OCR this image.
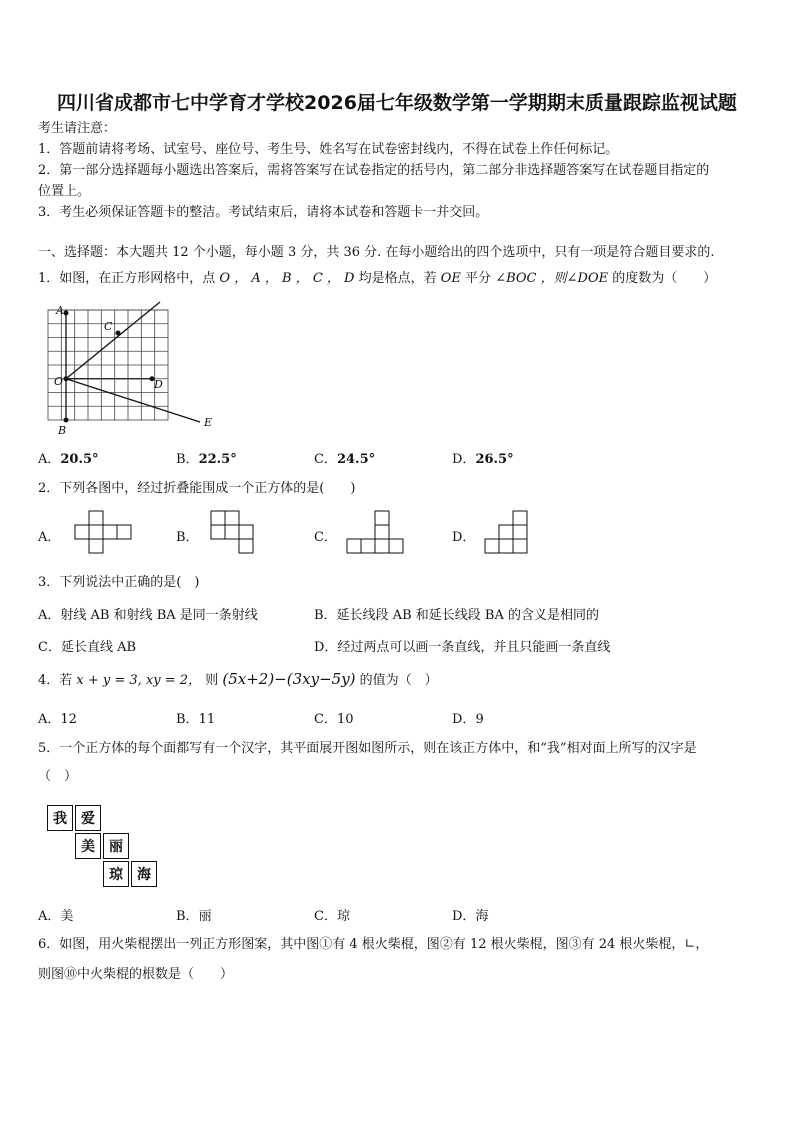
四川省成都市七中学育才学校2026届七年级数学第一学期期末质量跟踪监视试题
考生请注意：
1．答题前请将考场、试室号、座位号、考生号、姓名写在试卷密封线内，不得在试卷上作任何标记。
2．第一部分选择题每小题选出答案后，需将答案写在试卷指定的括号内，第二部分非选择题答案写在试卷题目指定的
位置上。
3．考生必须保证答题卡的整洁。考试结束后，请将本试卷和答题卡一并交回。
一、选择题：本大题共 12 个小题，每小题 3 分，共 36 分. 在每小题给出的四个选项中，只有一项是符合题目要求的.
1．如图，在正方形网格中，点 O ， A ， B ， C ， D 均是格点，若 OE 平分 ∠BOC ，则∠DOE 的度数为（　　）
A
B
C
D
O
E
A．20.5°	B．22.5°	C．24.5°	D．26.5°
2．下列各图中，经过折叠能围成一个正方体的是(　　)
A．	B．	C．	D．
3．下列说法中正确的是(　)
A．射线 AB 和射线 BA 是同一条射线	B．延长线段 AB 和延长线段 BA 的含义是相同的
C．延长直线 AB	D．经过两点可以画一条直线，并且只能画一条直线
4．若 x + y = 3, xy = 2， 则 (5x+2)−(3xy−5y) 的值为（　）
A．12	B．11	C．10	D．9
5．一个正方体的每个面都写有一个汉字，其平面展开图如图所示，则在该正方体中，和“我”相对面上所写的汉字是
（　）
我	爱
美	丽
琼	海
A．美	B．丽	C．琼	D．海
6．如图，用火柴棍摆出一列正方形图案，其中图①有 4 根火柴棍，图②有 12 根火柴棍，图③有 24 根火柴棍，∟，
则图⑩中火柴棍的根数是（　　）
